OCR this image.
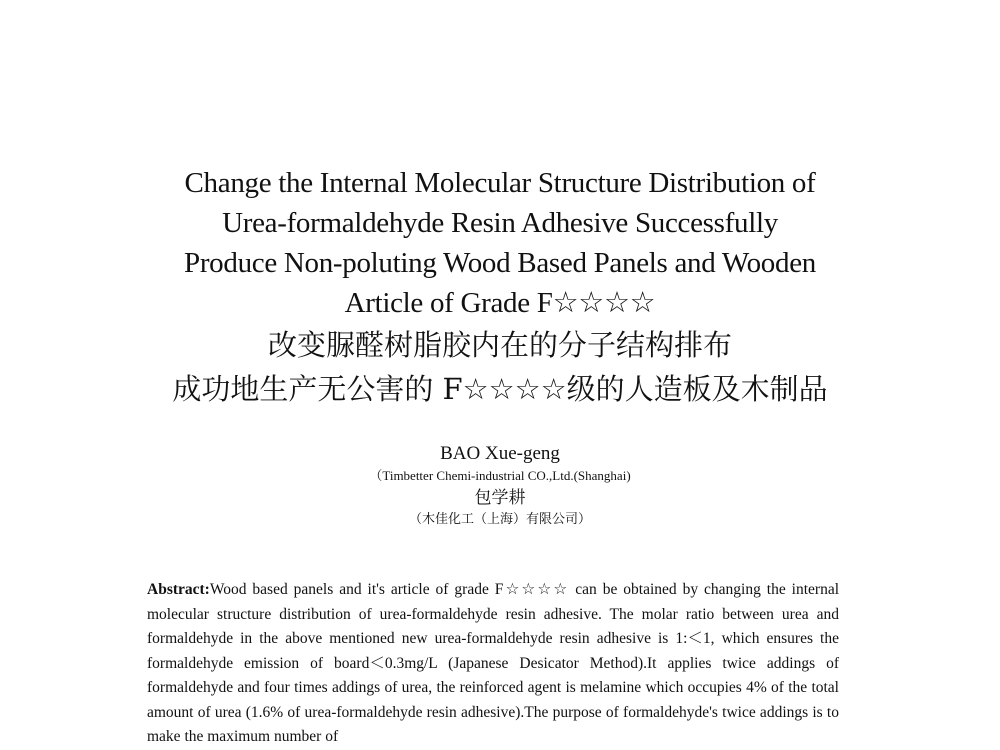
Change the Internal Molecular Structure Distribution of

Urea-formaldehyde Resin Adhesive Successfully

Produce Non-poluting Wood Based Panels and Wooden

Article of Grade F☆☆☆☆

改变脲醛树脂胶内在的分子结构排布

成功地生产无公害的 F☆☆☆☆级的人造板及木制品

BAO Xue-geng

（Timbetter Chemi-industrial CO.,Ltd.(Shanghai)

包学耕

（木佳化工（上海）有限公司）

Abstract:Wood based panels and it's article of grade F☆☆☆☆ can be obtained by changing the internal molecular structure distribution of urea-formaldehyde resin adhesive. The molar ratio between urea and formaldehyde in the above mentioned new urea-formaldehyde resin adhesive is 1:＜1, which ensures the formaldehyde emission of board＜0.3mg/L (Japanese Desicator Method).It applies twice addings of formaldehyde and four times addings of urea, the reinforced agent is melamine which occupies 4% of the total amount of urea (1.6% of urea-formaldehyde resin adhesive).The purpose of formaldehyde's twice addings is to make the maximum number of
